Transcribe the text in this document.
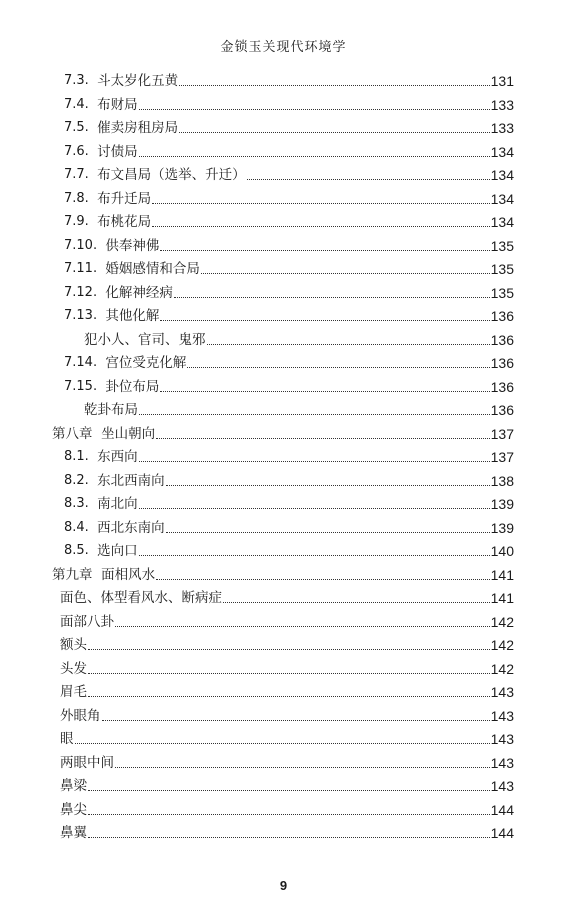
金锁玉关现代环境学
7.3. 斗太岁化五黄	131
7.4. 布财局	133
7.5. 催卖房租房局	133
7.6. 讨债局	134
7.7. 布文昌局（选举、升迁）	134
7.8. 布升迁局	134
7.9. 布桃花局	134
7.10. 供奉神佛	135
7.11. 婚姻感情和合局	135
7.12. 化解神经病	135
7.13. 其他化解	136
犯小人、官司、鬼邪	136
7.14. 宫位受克化解	136
7.15. 卦位布局	136
乾卦布局	136
第八章  坐山朝向	137
8.1. 东西向	137
8.2. 东北西南向	138
8.3. 南北向	139
8.4. 西北东南向	139
8.5. 选向口	140
第九章  面相风水	141
面色、体型看风水、断病症	141
面部八卦	142
额头	142
头发	142
眉毛	143
外眼角	143
眼	143
两眼中间	143
鼻梁	143
鼻尖	144
鼻翼	144
9
